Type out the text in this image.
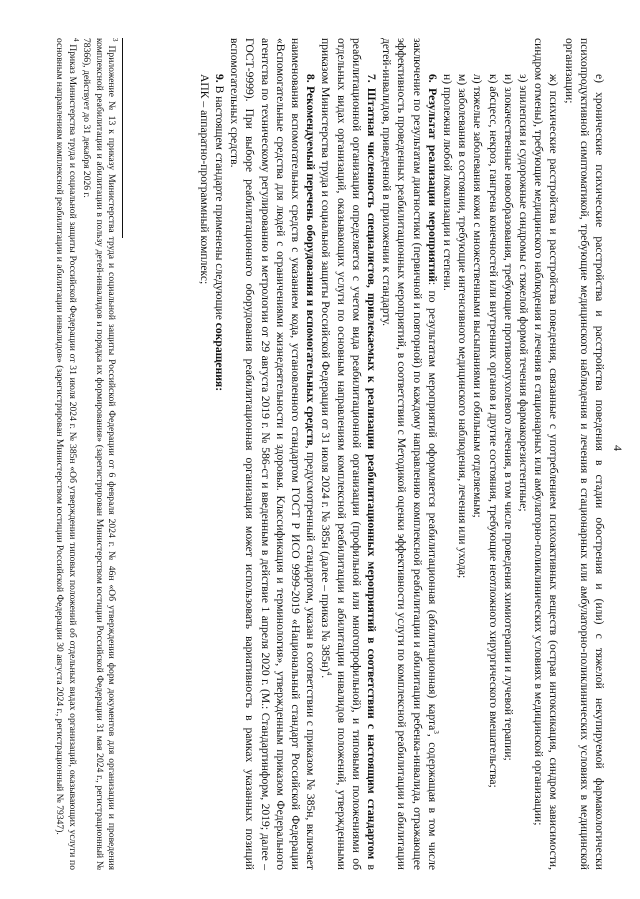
4

е) хронические психические расстройства и расстройства поведения в стадии обострения и (или) с тяжелой некупируемой фармакологически психопродуктивной симптоматикой, требующие медицинского наблюдения и лечения в стационарных или амбулаторно-поликлинических условиях в медицинской организации;

ж) психические расстройства и расстройства поведения, связанные с употреблением психоактивных веществ (острая интоксикация, синдром зависимости, синдром отмены), требующие медицинского наблюдения и лечения в стационарных или амбулаторно-поликлинических условиях в медицинской организации;

з) эпилепсия и судорожные синдромы с тяжелой формой течения фармакорезистентные;

и) злокачественные новообразования, требующие противоопухолевого лечения, в том числе проведения химиотерапии и лучевой терапии;

к) абсцесс, некроз, гангрена конечностей или внутренних органов и другие состояния, требующие неотложного хирургического вмешательства;

л) тяжелые заболевания кожи с множественными высыпаниями и обильным отделяемым;

м) заболевания в состоянии, требующие интенсивного медицинского наблюдения, лечения или ухода;

н) пролежни любой локализации и степени.

6. Результат реализации мероприятий: по результатам мероприятий оформляется реабилитационная (абилитационная) карта$^3$, содержащая в том числе заключение по результатам диагностики (первичной и повторной) по каждому направлению комплексной реабилитации и абилитации ребенка-инвалида, отражающее эффективность проведенных реабилитационных мероприятий, в соответствии с Методикой оценки эффективности услуги по комплексной реабилитации и абилитации детей-инвалидов, приведенной в приложении к стандарту.

7. Штатная численность специалистов, привлекаемых к реализации реабилитационных мероприятий в соответствии с настоящим стандартом в реабилитационной организации определяется с учетом вида реабилитационной организации (профильной или многопрофильной), и типовыми положениями об отдельных видах организаций, оказывающих услуги по основным направлениям комплексной реабилитации и абилитации инвалидов положений, утвержденными приказом Министерства труда и социальной защиты Российской Федерации от 31 июля 2024 г. № 385н (далее – приказ № 385н)$^4$.

8. Рекомендуемый перечень оборудования и вспомогательных средств, предусмотренный стандартом, указан в соответствии с приказом № 385н, включает наименования вспомогательных средств с указанием кода, установленного стандартом ГОСТ Р ИСО 9999-2019 «Национальный стандарт Российской Федерации «Вспомогательные средства для людей с ограничениями жизнедеятельности и здоровья. Классификация и терминология», утвержденным приказом Федерального агентства по техническому регулированию и метрологии от 29 августа 2019 г. № 586-ст и введенным в действие 1 апреля 2020 г. (М.: Стандартинформ, 2019; далее – ГОСТ-9999). При выборе реабилитационного оборудования реабилитационная организация может использовать вариативность в рамках указанных позиций вспомогательных средств.

9. В настоящем стандарте применены следующие сокращения:

АПК – аппаратно-программный комплекс;

$^3$ Приложение № 13 к приказу Министерства труда и социальной защиты Российской Федерации от 6 февраля 2024 г. № 46н «Об утверждении форм документов для организации и проведения комплексной реабилитации и абилитации в пользу детей-инвалидов и порядка их формирования» (зарегистрирован Министерством юстиции Российской Федерации 31 мая 2024 г., регистрационный № 78366), действует до 31 декабря 2026 г.

$^4$ Приказ Министерства труда и социальной защиты Российской Федерации от 31 июля 2024 г. № 385н «Об утверждении типовых положений об отдельных видах организаций, оказывающих услуги по основным направлениям комплексной реабилитации и абилитации инвалидов» (зарегистрирован Министерством юстиции Российской Федерации 30 августа 2024 г., регистрационный № 79347).
